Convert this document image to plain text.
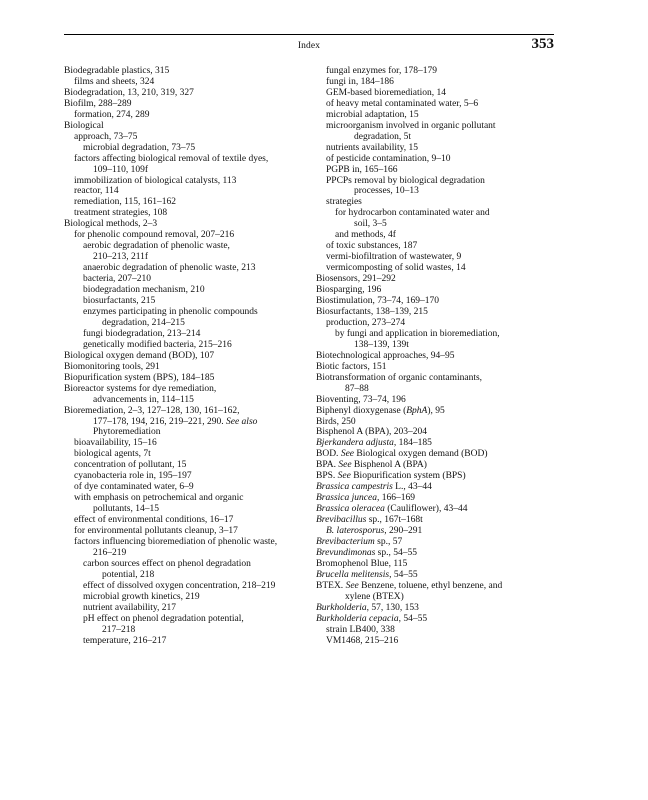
Index	353
Biodegradable plastics, 315
films and sheets, 324
Biodegradation, 13, 210, 319, 327
Biofilm, 288–289
formation, 274, 289
Biological
approach, 73–75
microbial degradation, 73–75
factors affecting biological removal of textile dyes,
109–110, 109f
immobilization of biological catalysts, 113
reactor, 114
remediation, 115, 161–162
treatment strategies, 108
Biological methods, 2–3
for phenolic compound removal, 207–216
aerobic degradation of phenolic waste,
210–213, 211f
anaerobic degradation of phenolic waste, 213
bacteria, 207–210
biodegradation mechanism, 210
biosurfactants, 215
enzymes participating in phenolic compounds
degradation, 214–215
fungi biodegradation, 213–214
genetically modified bacteria, 215–216
Biological oxygen demand (BOD), 107
Biomonitoring tools, 291
Biopurification system (BPS), 184–185
Bioreactor systems for dye remediation,
advancements in, 114–115
Bioremediation, 2–3, 127–128, 130, 161–162,
177–178, 194, 216, 219–221, 290. See also
Phytoremediation
bioavailability, 15–16
biological agents, 7t
concentration of pollutant, 15
cyanobacteria role in, 195–197
of dye contaminated water, 6–9
with emphasis on petrochemical and organic
pollutants, 14–15
effect of environmental conditions, 16–17
for environmental pollutants cleanup, 3–17
factors influencing bioremediation of phenolic waste,
216–219
carbon sources effect on phenol degradation
potential, 218
effect of dissolved oxygen concentration, 218–219
microbial growth kinetics, 219
nutrient availability, 217
pH effect on phenol degradation potential,
217–218
temperature, 216–217
fungal enzymes for, 178–179
fungi in, 184–186
GEM-based bioremediation, 14
of heavy metal contaminated water, 5–6
microbial adaptation, 15
microorganism involved in organic pollutant
degradation, 5t
nutrients availability, 15
of pesticide contamination, 9–10
PGPB in, 165–166
PPCPs removal by biological degradation
processes, 10–13
strategies
for hydrocarbon contaminated water and
soil, 3–5
and methods, 4f
of toxic substances, 187
vermi-biofiltration of wastewater, 9
vermicomposting of solid wastes, 14
Biosensors, 291–292
Biosparging, 196
Biostimulation, 73–74, 169–170
Biosurfactants, 138–139, 215
production, 273–274
by fungi and application in bioremediation,
138–139, 139t
Biotechnological approaches, 94–95
Biotic factors, 151
Biotransformation of organic contaminants,
87–88
Bioventing, 73–74, 196
Biphenyl dioxygenase (BphA), 95
Birds, 250
Bisphenol A (BPA), 203–204
Bjerkandera adjusta, 184–185
BOD. See Biological oxygen demand (BOD)
BPA. See Bisphenol A (BPA)
BPS. See Biopurification system (BPS)
Brassica campestris L., 43–44
Brassica juncea, 166–169
Brassica oleracea (Cauliflower), 43–44
Brevibacillus sp., 167t–168t
B. laterosporus, 290–291
Brevibacterium sp., 57
Brevundimonas sp., 54–55
Bromophenol Blue, 115
Brucella melitensis, 54–55
BTEX. See Benzene, toluene, ethyl benzene, and
xylene (BTEX)
Burkholderia, 57, 130, 153
Burkholderia cepacia, 54–55
strain LB400, 338
VM1468, 215–216
